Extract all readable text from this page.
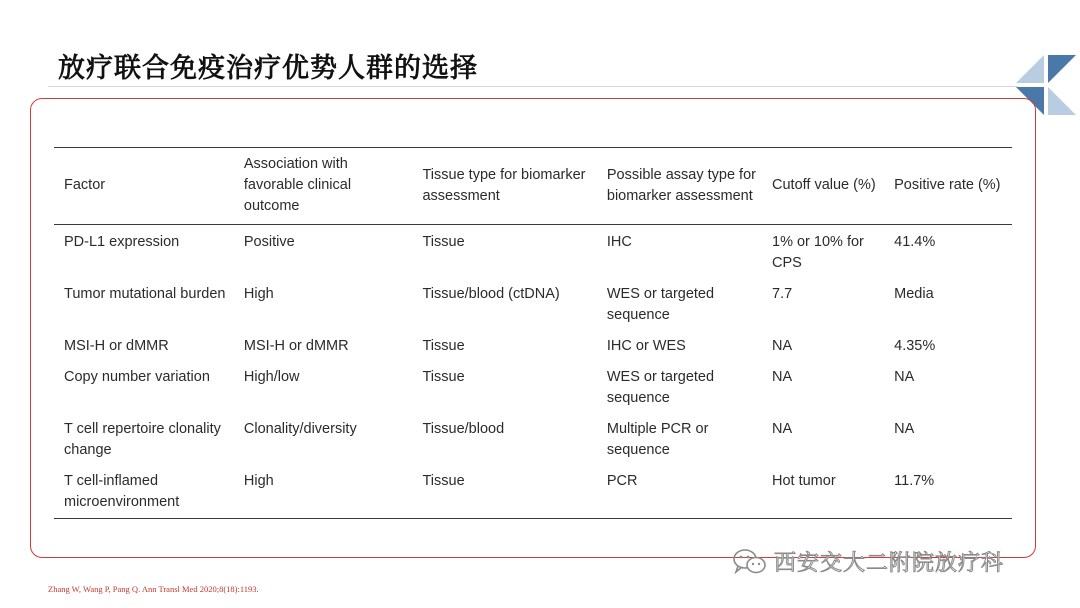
放疗联合免疫治疗优势人群的选择
Factor	Association with favorable clinical outcome	Tissue type for biomarker assessment	Possible assay type for biomarker assessment	Cutoff value (%)	Positive rate (%)
PD-L1 expression	Positive	Tissue	IHC	1% or 10% for CPS	41.4%
Tumor mutational burden	High	Tissue/blood (ctDNA)	WES or targeted sequence	7.7	Media
MSI-H or dMMR	MSI-H or dMMR	Tissue	IHC or WES	NA	4.35%
Copy number variation	High/low	Tissue	WES or targeted sequence	NA	NA
T cell repertoire clonality change	Clonality/diversity	Tissue/blood	Multiple PCR or sequence	NA	NA
T cell-inflamed microenvironment	High	Tissue	PCR	Hot tumor	11.7%
Zhang W, Wang P, Pang Q. Ann Transl Med 2020;8(18):1193.
西安交大二附院放疗科
